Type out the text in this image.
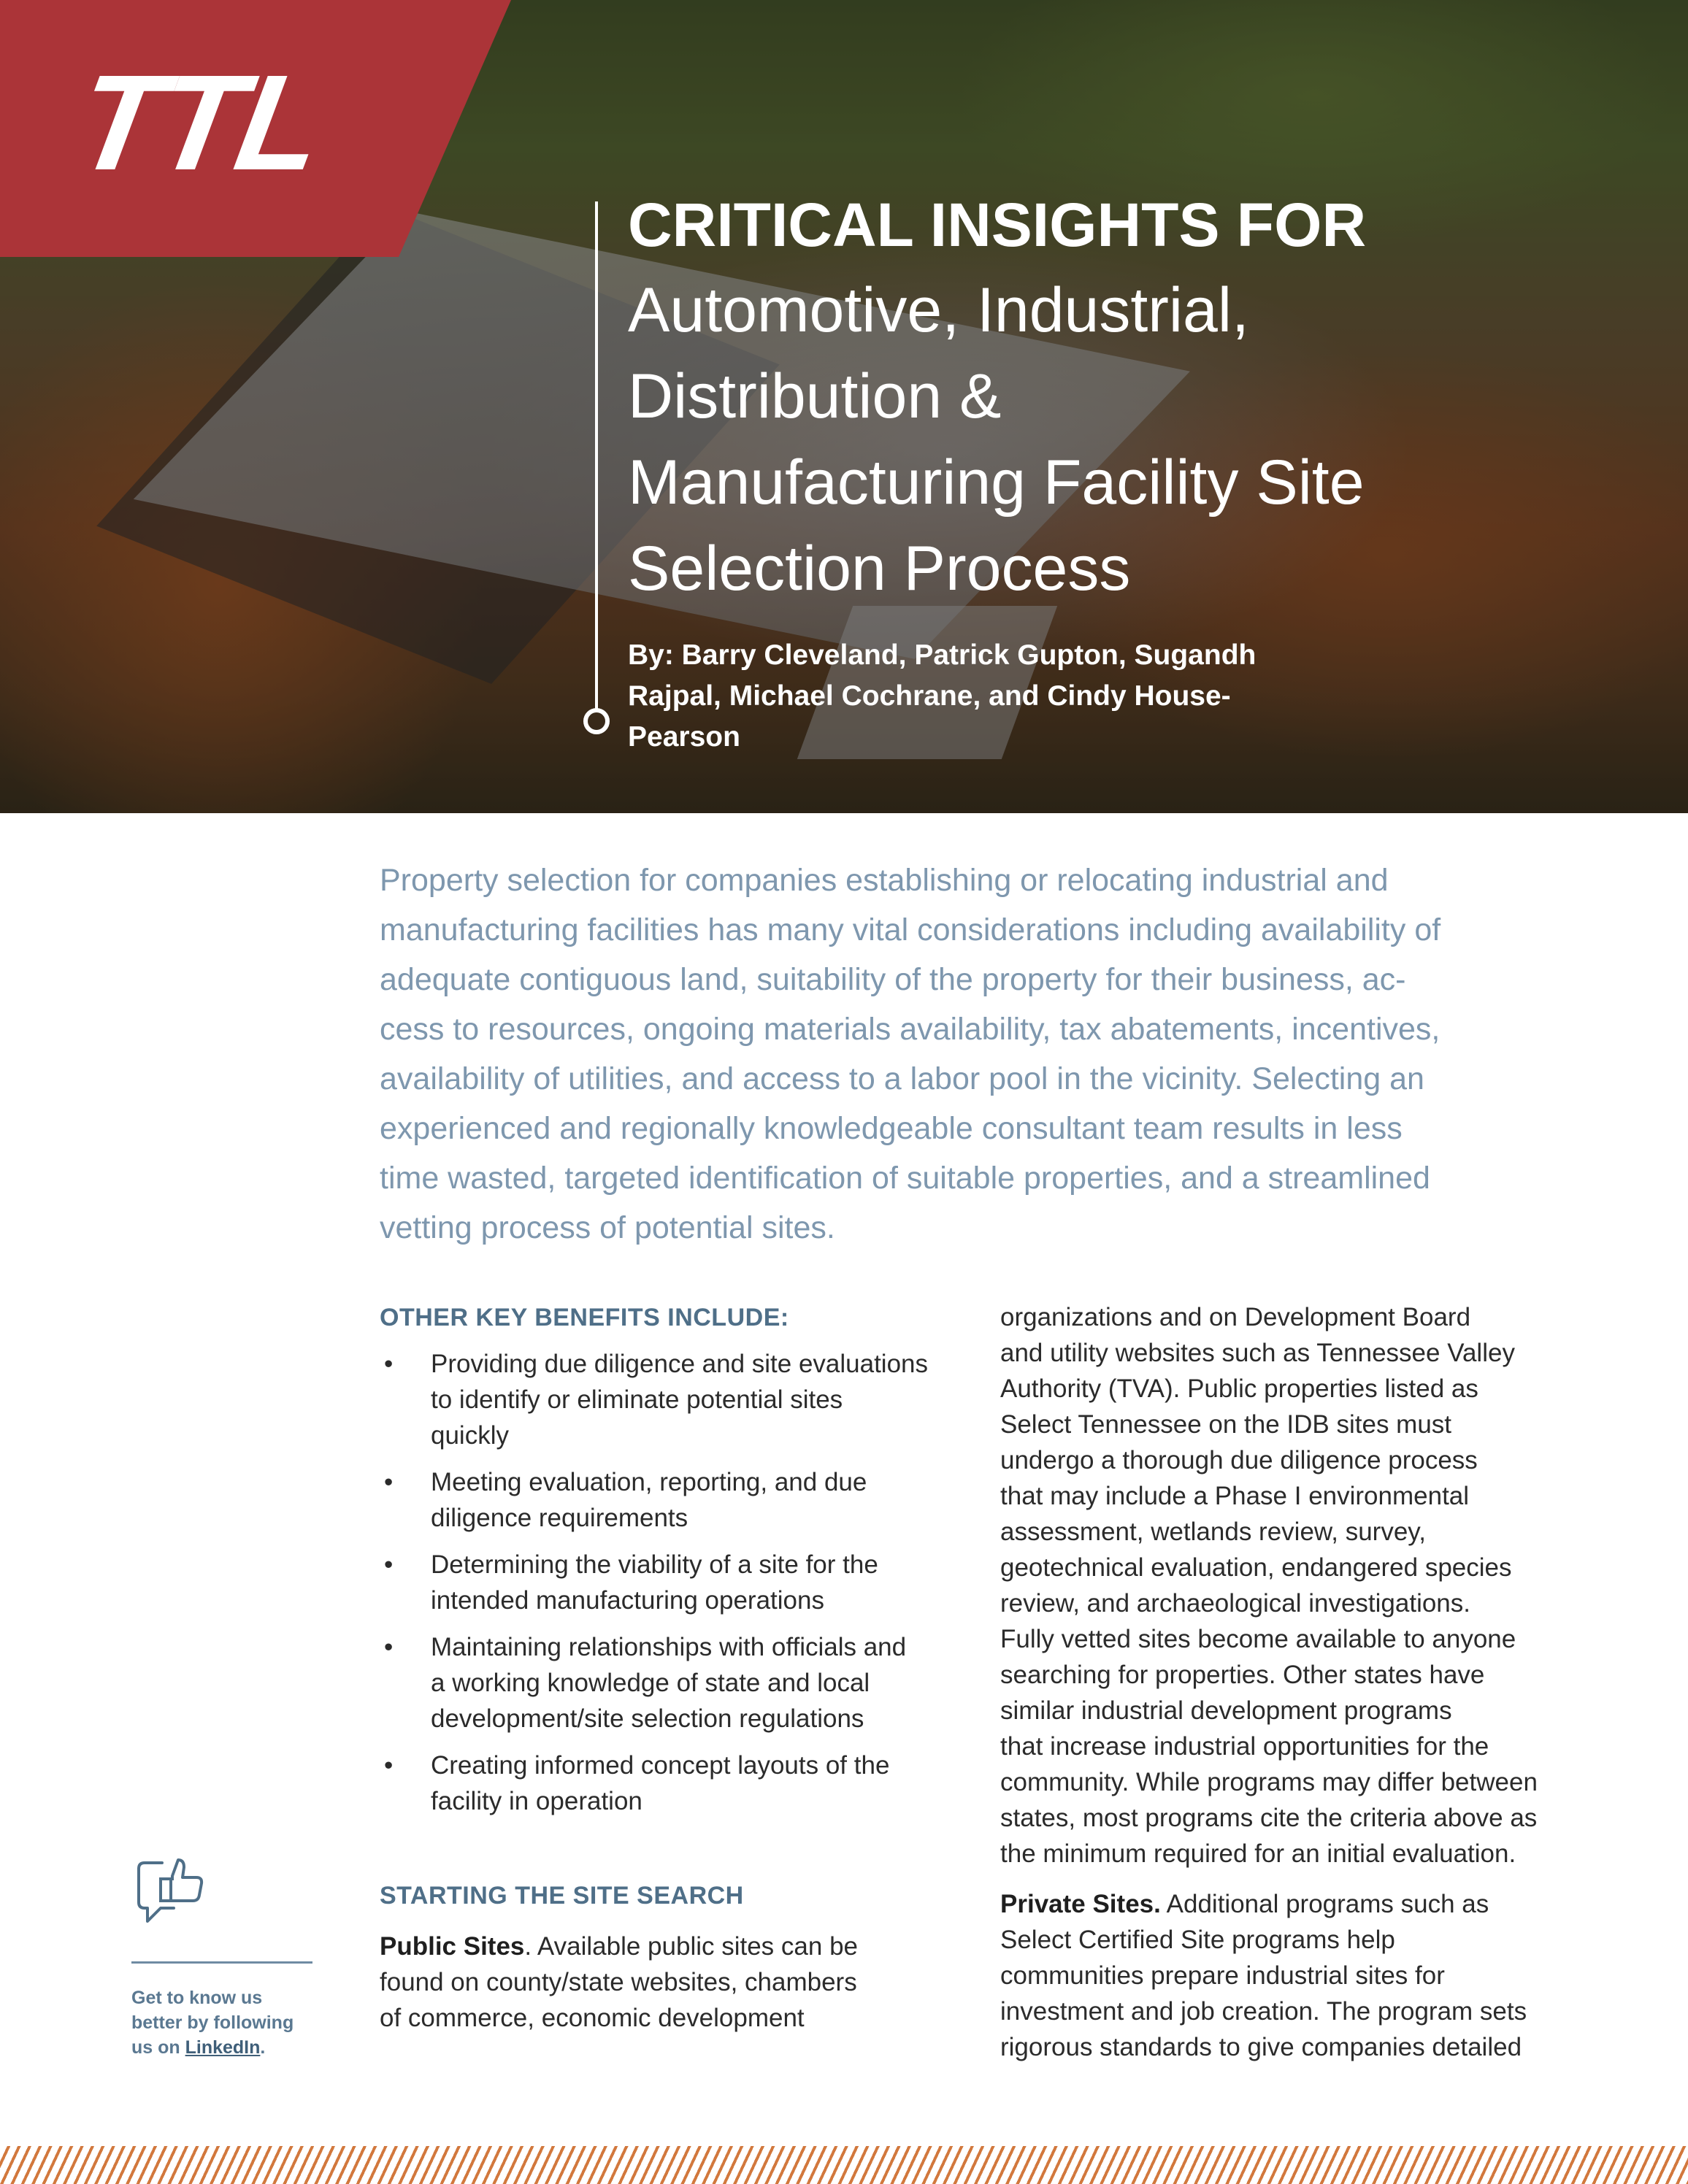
TTL
CRITICAL INSIGHTS FOR
Automotive, Industrial,
Distribution &
Manufacturing Facility Site
Selection Process
By: Barry Cleveland, Patrick Gupton, Sugandh
Rajpal, Michael Cochrane, and Cindy House-
Pearson
Property selection for companies establishing or relocating industrial and
manufacturing facilities has many vital considerations including availability of
adequate contiguous land, suitability of the property for their business, ac-
cess to resources, ongoing materials availability, tax abatements, incentives,
availability of utilities, and access to a labor pool in the vicinity. Selecting an
experienced and regionally knowledgeable consultant team results in less
time wasted, targeted identification of suitable properties, and a streamlined
vetting process of potential sites.
OTHER KEY BENEFITS INCLUDE:
• Providing due diligence and site evaluations
to identify or eliminate potential sites
quickly
• Meeting evaluation, reporting, and due
diligence requirements
• Determining the viability of a site for the
intended manufacturing operations
• Maintaining relationships with officials and
a working knowledge of state and local
development/site selection regulations
• Creating informed concept layouts of the
facility in operation
STARTING THE SITE SEARCH
Public Sites. Available public sites can be
found on county/state websites, chambers
of commerce, economic development
organizations and on Development Board
and utility websites such as Tennessee Valley
Authority (TVA). Public properties listed as
Select Tennessee on the IDB sites must
undergo a thorough due diligence process
that may include a Phase I environmental
assessment, wetlands review, survey,
geotechnical evaluation, endangered species
review, and archaeological investigations.
Fully vetted sites become available to anyone
searching for properties. Other states have
similar industrial development programs
that increase industrial opportunities for the
community. While programs may differ between
states, most programs cite the criteria above as
the minimum required for an initial evaluation.
Private Sites. Additional programs such as
Select Certified Site programs help
communities prepare industrial sites for
investment and job creation. The program sets
rigorous standards to give companies detailed
Get to know us
better by following
us on LinkedIn.
